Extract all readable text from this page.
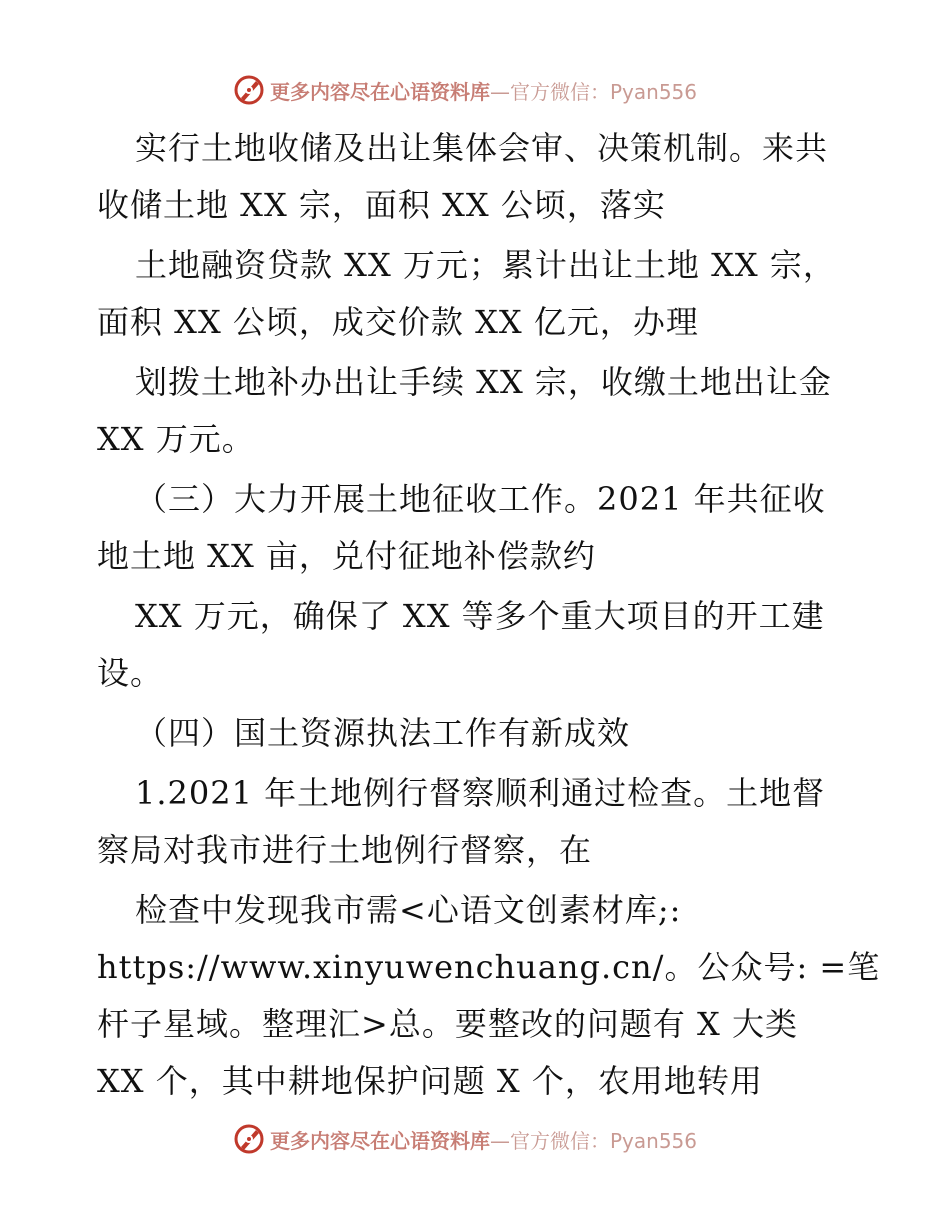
更多内容尽在心语资料库—官方微信：Pyan556
实行土地收储及出让集体会审、决策机制。来共
收储土地 XX 宗，面积 XX 公顷，落实
土地融资贷款 XX 万元；累计出让土地 XX 宗，
面积 XX 公顷，成交价款 XX 亿元，办理
划拨土地补办出让手续 XX 宗，收缴土地出让金
XX 万元。
（三）大力开展土地征收工作。2021 年共征收
地土地 XX 亩，兑付征地补偿款约
XX 万元，确保了 XX 等多个重大项目的开工建
设。
（四）国土资源执法工作有新成效
1.2021 年土地例行督察顺利通过检查。土地督
察局对我市进行土地例行督察，在
检查中发现我市需<心语文创素材库;:
https://www.xinyuwenchuang.cn/。公众号: =笔
杆子星域。整理汇>总。要整改的问题有 X 大类
XX 个，其中耕地保护问题 X 个，农用地转用
更多内容尽在心语资料库—官方微信：Pyan556
